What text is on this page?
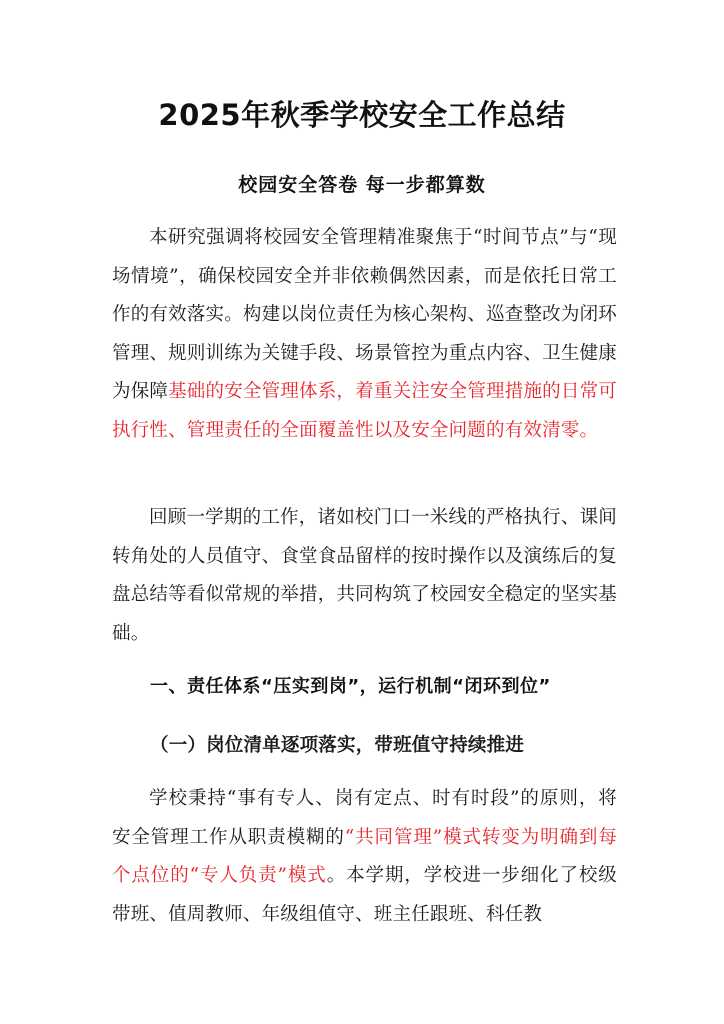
2025年秋季学校安全工作总结
校园安全答卷 每一步都算数

本研究强调将校园安全管理精准聚焦于“时间节点”与“现场情境”，确保校园安全并非依赖偶然因素，而是依托日常工作的有效落实。构建以岗位责任为核心架构、巡查整改为闭环管理、规则训练为关键手段、场景管控为重点内容、卫生健康为保障基础的安全管理体系，着重关注安全管理措施的日常可执行性、管理责任的全面覆盖性以及安全问题的有效清零。

回顾一学期的工作，诸如校门口一米线的严格执行、课间转角处的人员值守、食堂食品留样的按时操作以及演练后的复盘总结等看似常规的举措，共同构筑了校园安全稳定的坚实基础。

一、责任体系“压实到岗”，运行机制“闭环到位”
（一）岗位清单逐项落实，带班值守持续推进

学校秉持“事有专人、岗有定点、时有时段”的原则，将安全管理工作从职责模糊的“共同管理”模式转变为明确到每个点位的“专人负责”模式。本学期，学校进一步细化了校级带班、值周教师、年级组值守、班主任跟班、科任教
